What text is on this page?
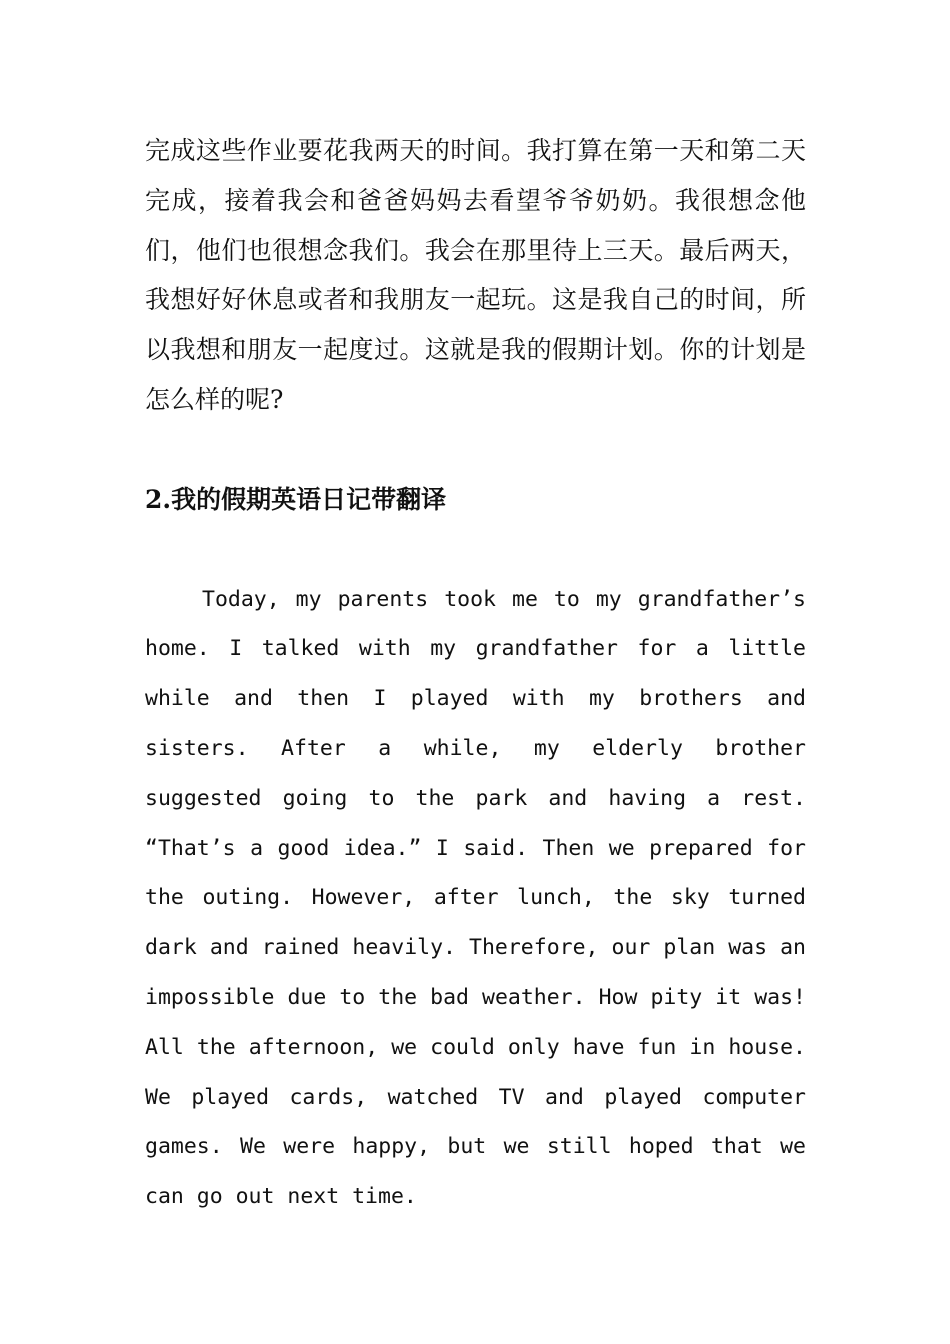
完成这些作业要花我两天的时间。我打算在第一天和第二天完成，接着我会和爸爸妈妈去看望爷爷奶奶。我很想念他们，他们也很想念我们。我会在那里待上三天。最后两天，我想好好休息或者和我朋友一起玩。这是我自己的时间，所以我想和朋友一起度过。这就是我的假期计划。你的计划是怎么样的呢?

2.我的假期英语日记带翻译

Today, my parents took me to my grandfather’s home. I talked with my grandfather for a little while and then I played with my brothers and sisters. After a while, my elderly brother suggested going to the park and having a rest. “That’s a good idea.” I said. Then we prepared for the outing. However, after lunch, the sky turned dark and rained heavily. Therefore, our plan was an impossible due to the bad weather. How pity it was! All the afternoon, we could only have fun in house. We played cards, watched TV and played computer games. We were happy, but we still hoped that we can go out next time.
